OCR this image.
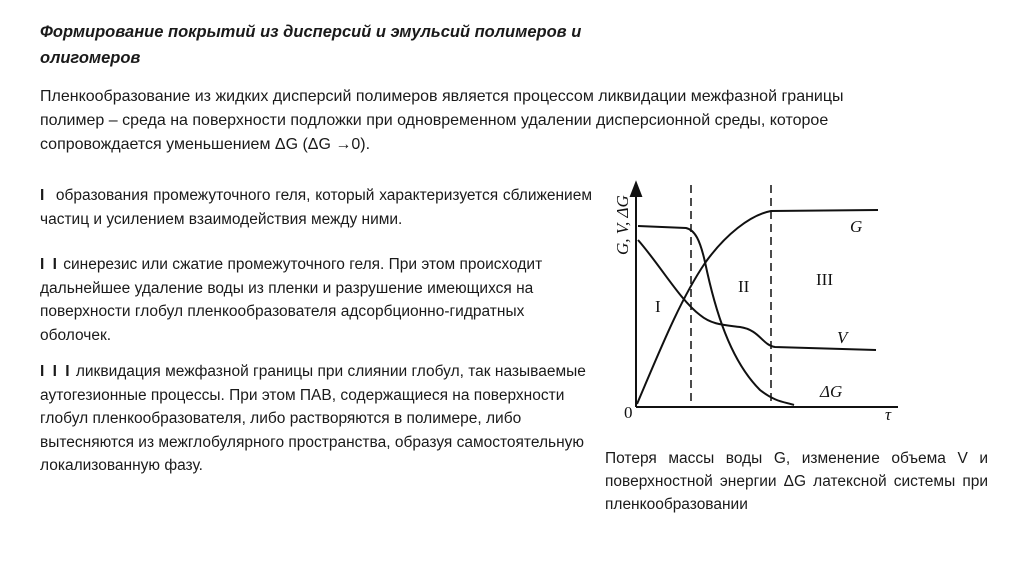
Формирование покрытий из дисперсий и эмульсий полимеров и олигомеров
Пленкообразование из жидких дисперсий полимеров является процессом ликвидации межфазной границы полимер – среда на поверхности подложки при одновременном удалении дисперсионной среды, которое сопровождается уменьшением ΔG (ΔG →0).
I  образования промежуточного геля, который характеризуется сближением частиц и усилением взаимодействия между ними.
I I синерезис или сжатие промежуточного геля. При этом происходит дальнейшее удаление воды из пленки и разрушение имеющихся на поверхности глобул пленкообразователя адсорбционно-гидратных оболочек.
I I I ликвидация межфазной границы при слиянии глобул, так называемые аутогезионные процессы. При этом ПАВ, содержащиеся на поверхности глобул пленкообразователя, либо растворяются в полимере, либо вытесняются из межглобулярного пространства, образуя самостоятельную локализованную фазу.
G
V
ΔG
I
II	III
0	τ
G, V, ΔG
Потеря массы воды G, изменение объема V и поверхностной энергии ΔG латексной системы при пленкообразовании
